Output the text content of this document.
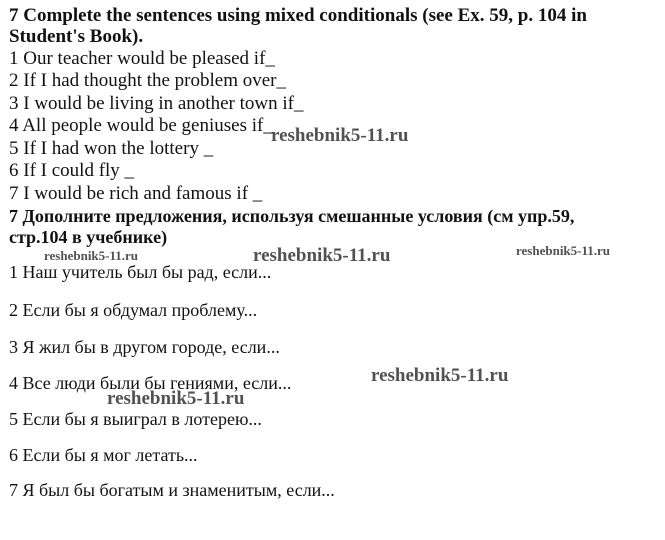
7 Complete the sentences using mixed conditionals (see Ex. 59, p. 104 in
Student's Book).
1 Our teacher would be pleased if_
2 If I had thought the problem over_
3 I would be living in another town if_
4 All people would be geniuses if_
5 If I had won the lottery _
6 If I could fly _
7 I would be rich and famous if _
7 Дополните предложения, используя смешанные условия (см упр.59,
стр.104 в учебнике)
1 Наш учитель был бы рад, если...
2 Если бы я обдумал проблему...
3 Я жил бы в другом городе, если...
4 Все люди были бы гениями, если...
5 Если бы я выиграл в лотерею...
6 Если бы я мог летать...
7 Я был бы богатым и знаменитым, если...
reshebnik5-11.ru
reshebnik5-11.ru	reshebnik5-11.ru	reshebnik5-11.ru
reshebnik5-11.ru
reshebnik5-11.ru
